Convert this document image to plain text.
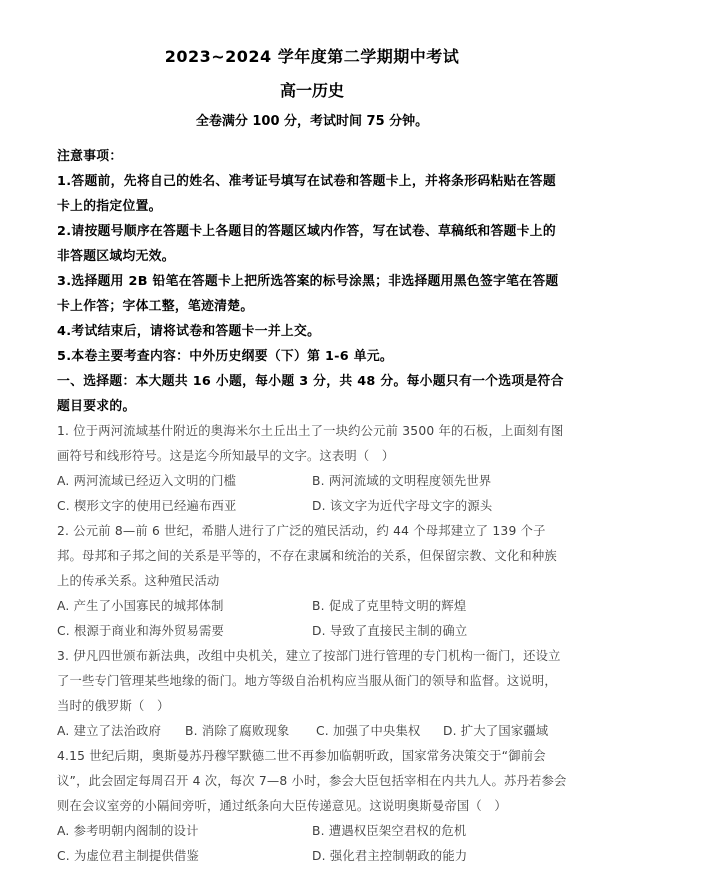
2023~2024 学年度第二学期期中考试
高一历史
全卷满分 100 分，考试时间 75 分钟。
注意事项：
1.答题前，先将自己的姓名、准考证号填写在试卷和答题卡上，并将条形码粘贴在答题卡上的指定位置。
2.请按题号顺序在答题卡上各题目的答题区域内作答，写在试卷、草稿纸和答题卡上的非答题区域均无效。
3.选择题用 2B 铅笔在答题卡上把所选答案的标号涂黑；非选择题用黑色签字笔在答题卡上作答；字体工整，笔迹清楚。
4.考试结束后，请将试卷和答题卡一并上交。
5.本卷主要考查内容：中外历史纲要（下）第 1-6 单元。
一、选择题：本大题共 16 小题，每小题 3 分，共 48 分。每小题只有一个选项是符合题目要求的。
1. 位于两河流域基什附近的奥海米尔土丘出土了一块约公元前 3500 年的石板，上面刻有图画符号和线形符号。这是迄今所知最早的文字。这表明（　）
A. 两河流域已经迈入文明的门槛	B. 两河流域的文明程度领先世界
C. 楔形文字的使用已经遍布西亚	D. 该文字为近代字母文字的源头
2. 公元前 8—前 6 世纪，希腊人进行了广泛的殖民活动，约 44 个母邦建立了 139 个子邦。母邦和子邦之间的关系是平等的，不存在隶属和统治的关系，但保留宗教、文化和种族上的传承关系。这种殖民活动
A. 产生了小国寡民的城邦体制	B. 促成了克里特文明的辉煌
C. 根源于商业和海外贸易需要	D. 导致了直接民主制的确立
3. 伊凡四世颁布新法典，改组中央机关，建立了按部门进行管理的专门机构一衙门，还设立了一些专门管理某些地缘的衙门。地方等级自治机构应当服从衙门的领导和监督。这说明，当时的俄罗斯（　）
A. 建立了法治政府	B. 消除了腐败现象	C. 加强了中央集权	D. 扩大了国家疆域
4.15 世纪后期，奥斯曼苏丹穆罕默德二世不再参加临朝听政，国家常务决策交于“御前会议”，此会固定每周召开 4 次，每次 7—8 小时，参会大臣包括宰相在内共九人。苏丹若参会则在会议室旁的小隔间旁听，通过纸条向大臣传递意见。这说明奥斯曼帝国（　）
A. 参考明朝内阁制的设计	B. 遭遇权臣架空君权的危机
C. 为虚位君主制提供借鉴	D. 强化君主控制朝政的能力
